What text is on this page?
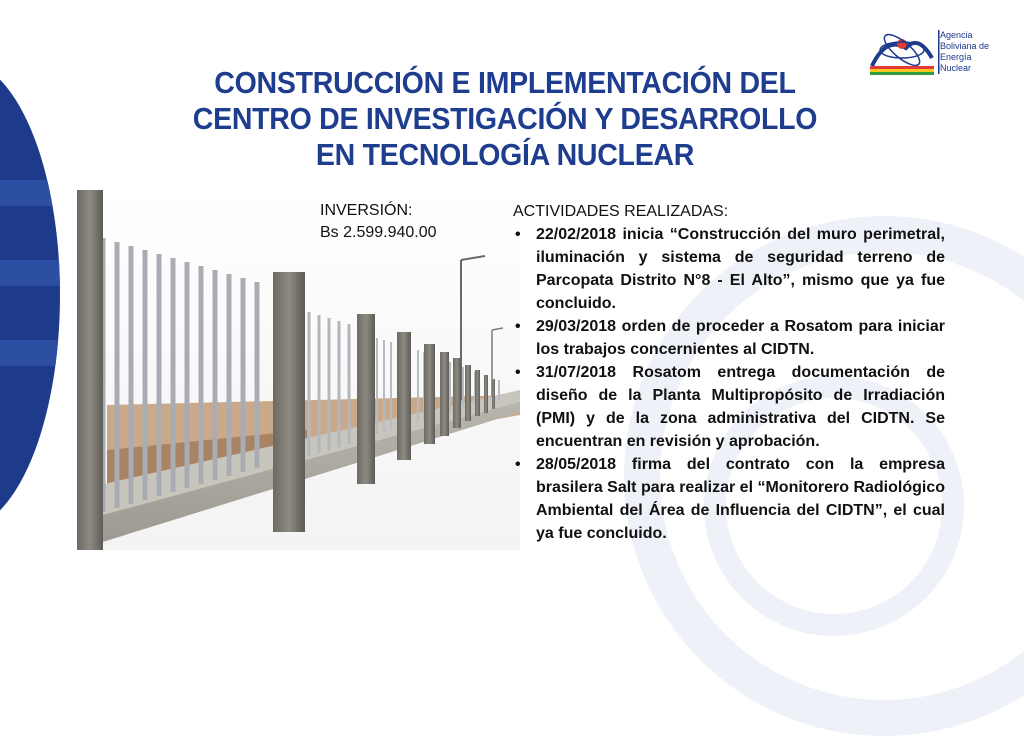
Agencia
Boliviana de
Energía
Nuclear
CONSTRUCCIÓN E IMPLEMENTACIÓN DEL
CENTRO DE INVESTIGACIÓN Y DESARROLLO
EN TECNOLOGÍA NUCLEAR
INVERSIÓN:
Bs 2.599.940.00
ACTIVIDADES REALIZADAS:
• 22/02/2018 inicia “Construcción del muro perimetral, iluminación y sistema de seguridad terreno de Parcopata Distrito N°8 - El Alto”, mismo que ya fue concluido.
• 29/03/2018 orden de proceder a Rosatom para iniciar los trabajos concernientes al CIDTN.
• 31/07/2018 Rosatom entrega documentación de diseño de la Planta Multipropósito de Irradiación (PMI) y de la zona administrativa del CIDTN. Se encuentran en revisión y aprobación.
• 28/05/2018 firma del contrato con la empresa brasilera Salt para realizar el “Monitorero Radiológico Ambiental del Área de Influencia del CIDTN”, el cual ya fue concluido.
